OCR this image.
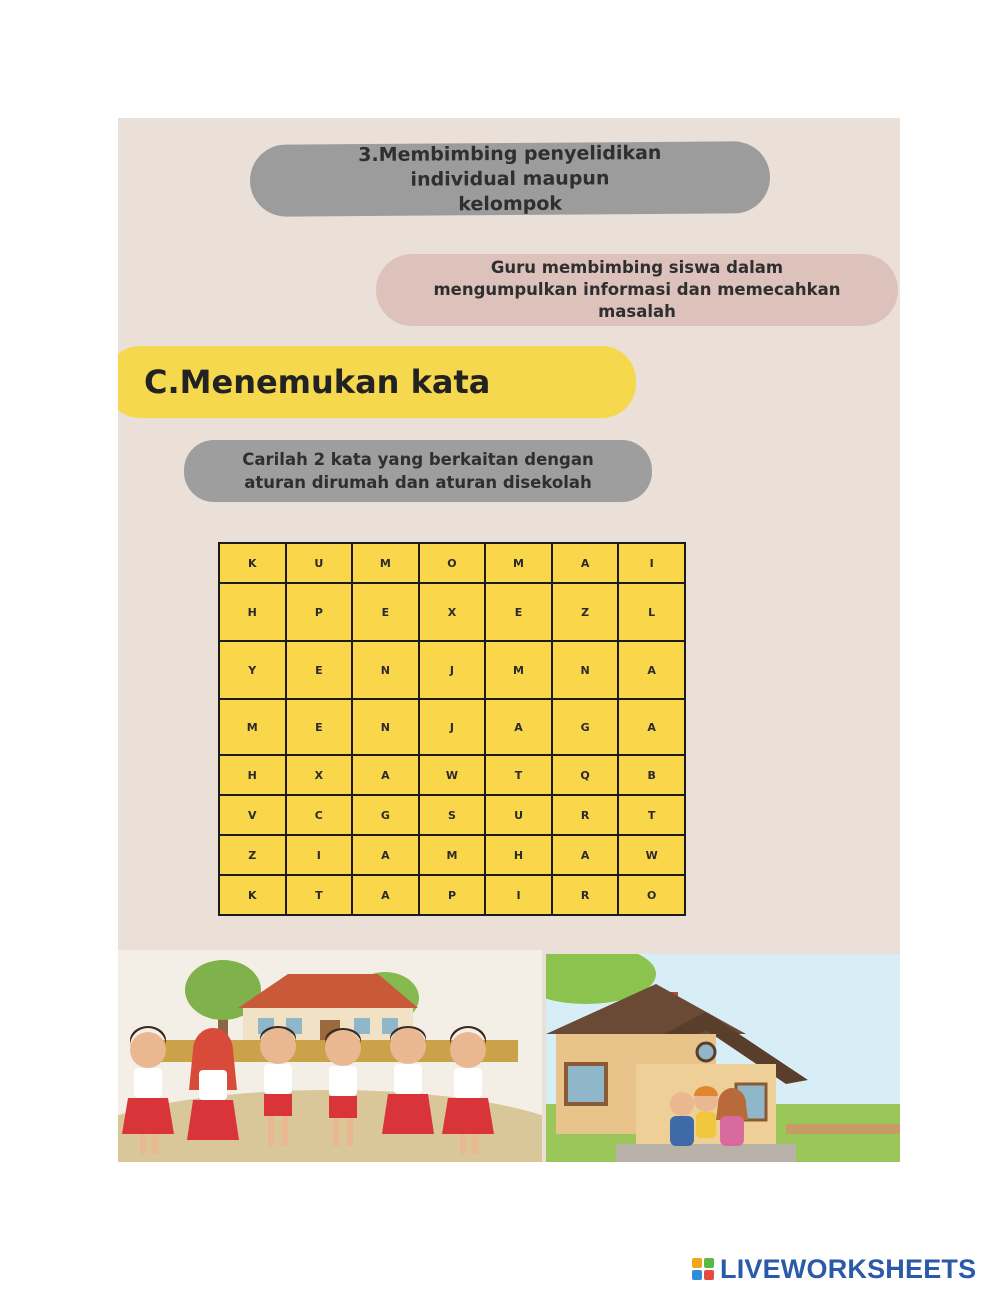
3.Membimbing penyelidikan
individual maupun
kelompok
Guru membimbing siswa dalam
mengumpulkan informasi dan memecahkan
masalah
C.Menemukan kata
Carilah 2 kata yang berkaitan dengan
aturan dirumah dan aturan disekolah
K	U	M	O	M	A	I
H	P	E	X	E	Z	L
Y	E	N	J	M	N	A
M	E	N	J	A	G	A
H	X	A	W	T	Q	B
V	C	G	S	U	R	T
Z	I	A	M	H	A	W
K	T	A	P	I	R	O
LIVEWORKSHEETS
